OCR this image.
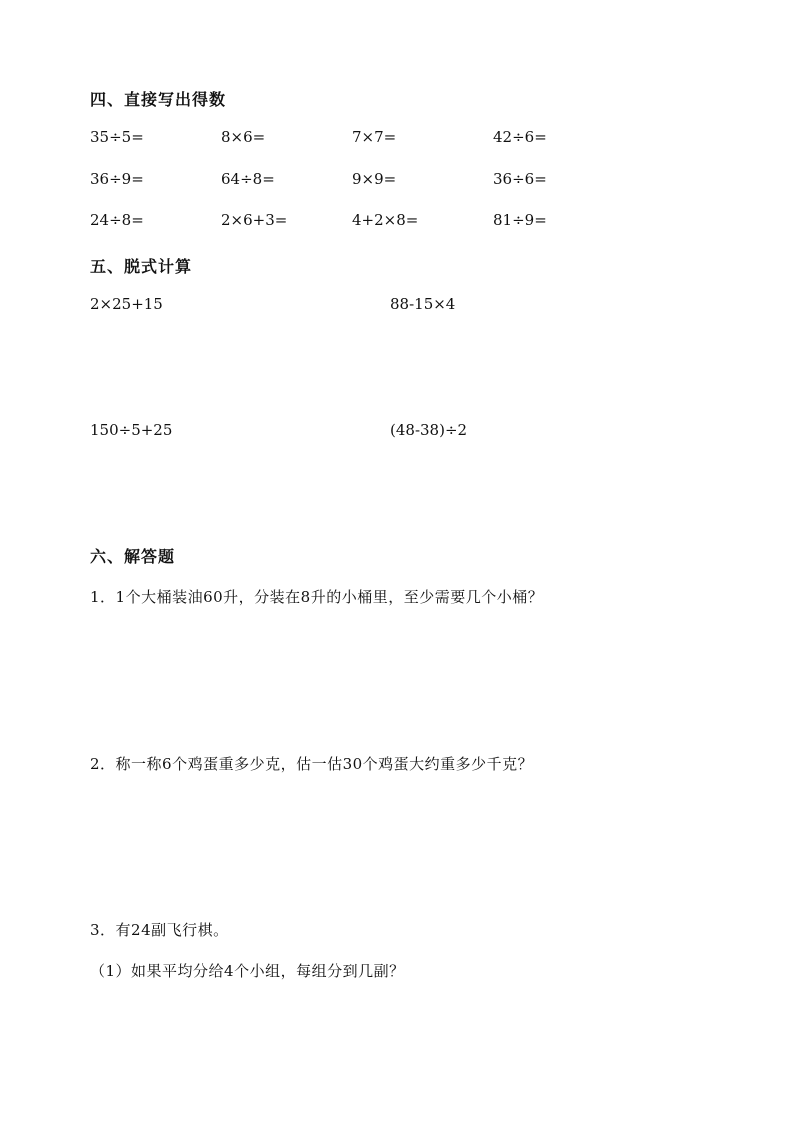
四、直接写出得数
35÷5=	8×6=	7×7=	42÷6=
36÷9=	64÷8=	9×9=	36÷6=
24÷8=	2×6+3=	4+2×8=	81÷9=
五、脱式计算
2×25+15	88-15×4
150÷5+25	(48-38)÷2
六、解答题
1．1个大桶装油60升，分装在8升的小桶里，至少需要几个小桶？
2．称一称6个鸡蛋重多少克，估一估30个鸡蛋大约重多少千克？
3．有24副飞行棋。
（1）如果平均分给4个小组，每组分到几副？
